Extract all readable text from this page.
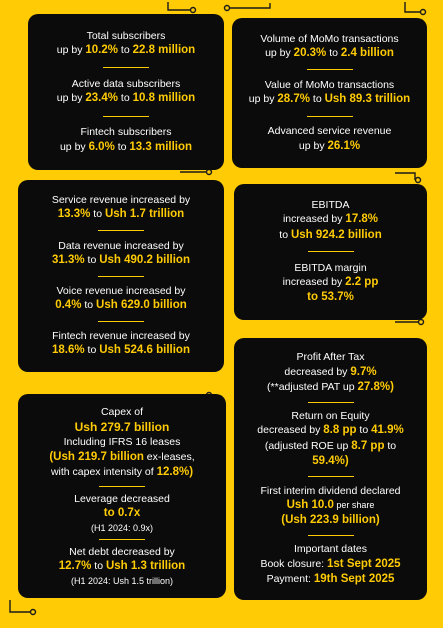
Total subscribers
up by 10.2% to 22.8 million
Active data subscribers
up by 23.4% to 10.8 million
Fintech subscribers
up by 6.0% to 13.3 million
Volume of MoMo transactions
up by 20.3% to 2.4 billion
Value of MoMo transactions
up by 28.7% to Ush 89.3 trillion
Advanced service revenue
up by 26.1%
Service revenue increased by
13.3% to Ush 1.7 trillion
Data revenue increased by
31.3% to Ush 490.2 billion
Voice revenue increased by
0.4% to Ush 629.0 billion
Fintech revenue increased by
18.6% to Ush 524.6 billion
EBITDA
increased by 17.8%
to Ush 924.2 billion
EBITDA margin
increased by 2.2 pp
to 53.7%
Capex of
Ush 279.7 billion
Including IFRS 16 leases
(Ush 219.7 billion ex-leases,
with capex intensity of 12.8%)
Leverage decreased
to 0.7x
(H1 2024: 0.9x)
Net debt decreased by
12.7% to Ush 1.3 trillion
(H1 2024: Ush 1.5 trillion)
Profit After Tax
decreased by 9.7%
(**adjusted PAT up 27.8%)
Return on Equity
decreased by 8.8 pp to 41.9%
(adjusted ROE up 8.7 pp to
59.4%)
First interim dividend declared
Ush 10.0 per share
(Ush 223.9 billion)
Important dates
Book closure: 1st Sept 2025
Payment: 19th Sept 2025
